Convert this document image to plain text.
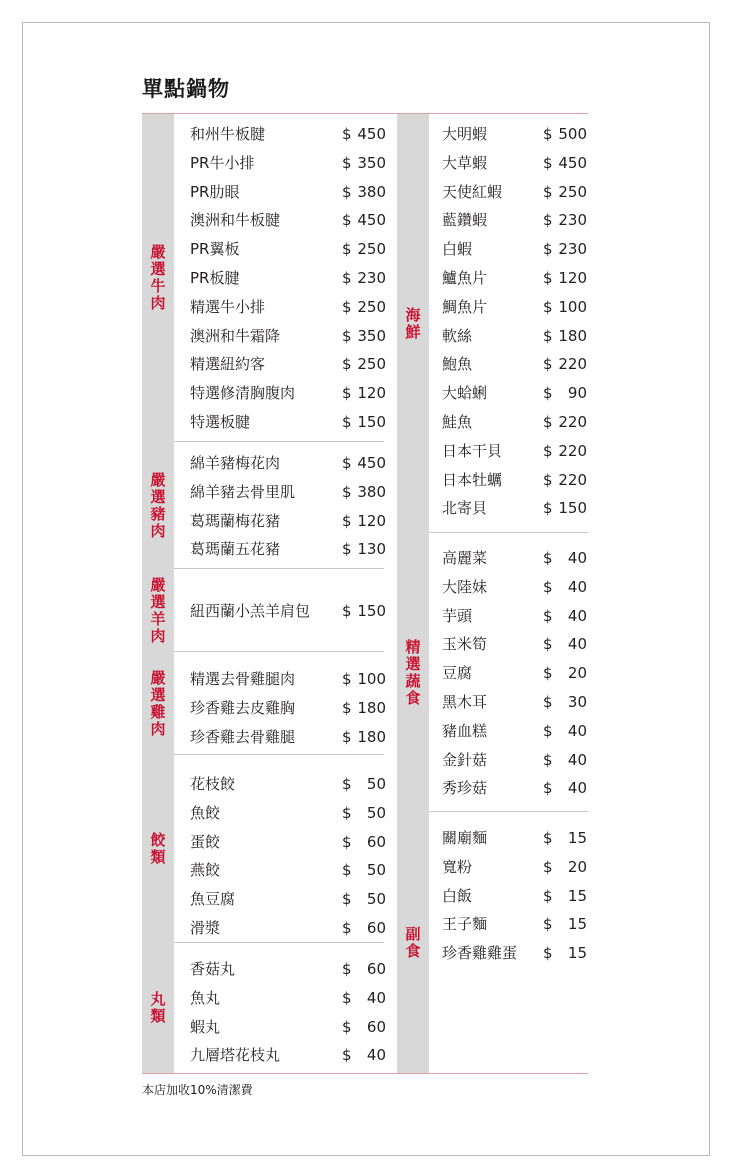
單點鍋物
嚴
選
牛
肉
和州牛板腱	$ 450
PR牛小排	$ 350
PR肋眼	$ 380
澳洲和牛板腱	$ 450
PR翼板	$ 250
PR板腱	$ 230
精選牛小排	$ 250
澳洲和牛霜降	$ 350
精選紐約客	$ 250
特選修清胸腹肉	$ 120
特選板腱	$ 150
嚴
選
豬
肉
綿羊豬梅花肉	$ 450
綿羊豬去骨里肌	$ 380
葛瑪蘭梅花豬	$ 120
葛瑪蘭五花豬	$ 130
嚴
選
羊
肉
紐西蘭小羔羊肩包 $ 150
嚴
選
雞
肉
精選去骨雞腿肉	$ 100
珍香雞去皮雞胸	$ 180
珍香雞去骨雞腿	$ 180
餃
類
花枝餃	$ 50
魚餃	$ 50
蛋餃	$ 60
燕餃	$ 50
魚豆腐	$ 50
滑漿	$ 60
丸
類
香菇丸	$ 60
魚丸	$ 40
蝦丸	$ 60
九層塔花枝丸	$ 40
海
鮮
大明蝦	$ 500
大草蝦	$ 450
天使紅蝦	$ 250
藍鑽蝦	$ 230
白蝦	$ 230
鱸魚片	$ 120
鯛魚片	$ 100
軟絲	$ 180
鮑魚	$ 220
大蛤蜊	$ 90
鮭魚	$ 220
日本干貝	$ 220
日本牡蠣	$ 220
北寄貝	$ 150
精
選
蔬
食
高麗菜	$ 40
大陸妹	$ 40
芋頭	$ 40
玉米筍	$ 40
豆腐	$ 20
黑木耳	$ 30
豬血糕	$ 40
金針菇	$ 40
秀珍菇	$ 40
副
食
關廟麵	$ 15
寬粉	$ 20
白飯	$ 15
王子麵	$ 15
珍香雞雞蛋 $ 15
本店加收10%清潔費
